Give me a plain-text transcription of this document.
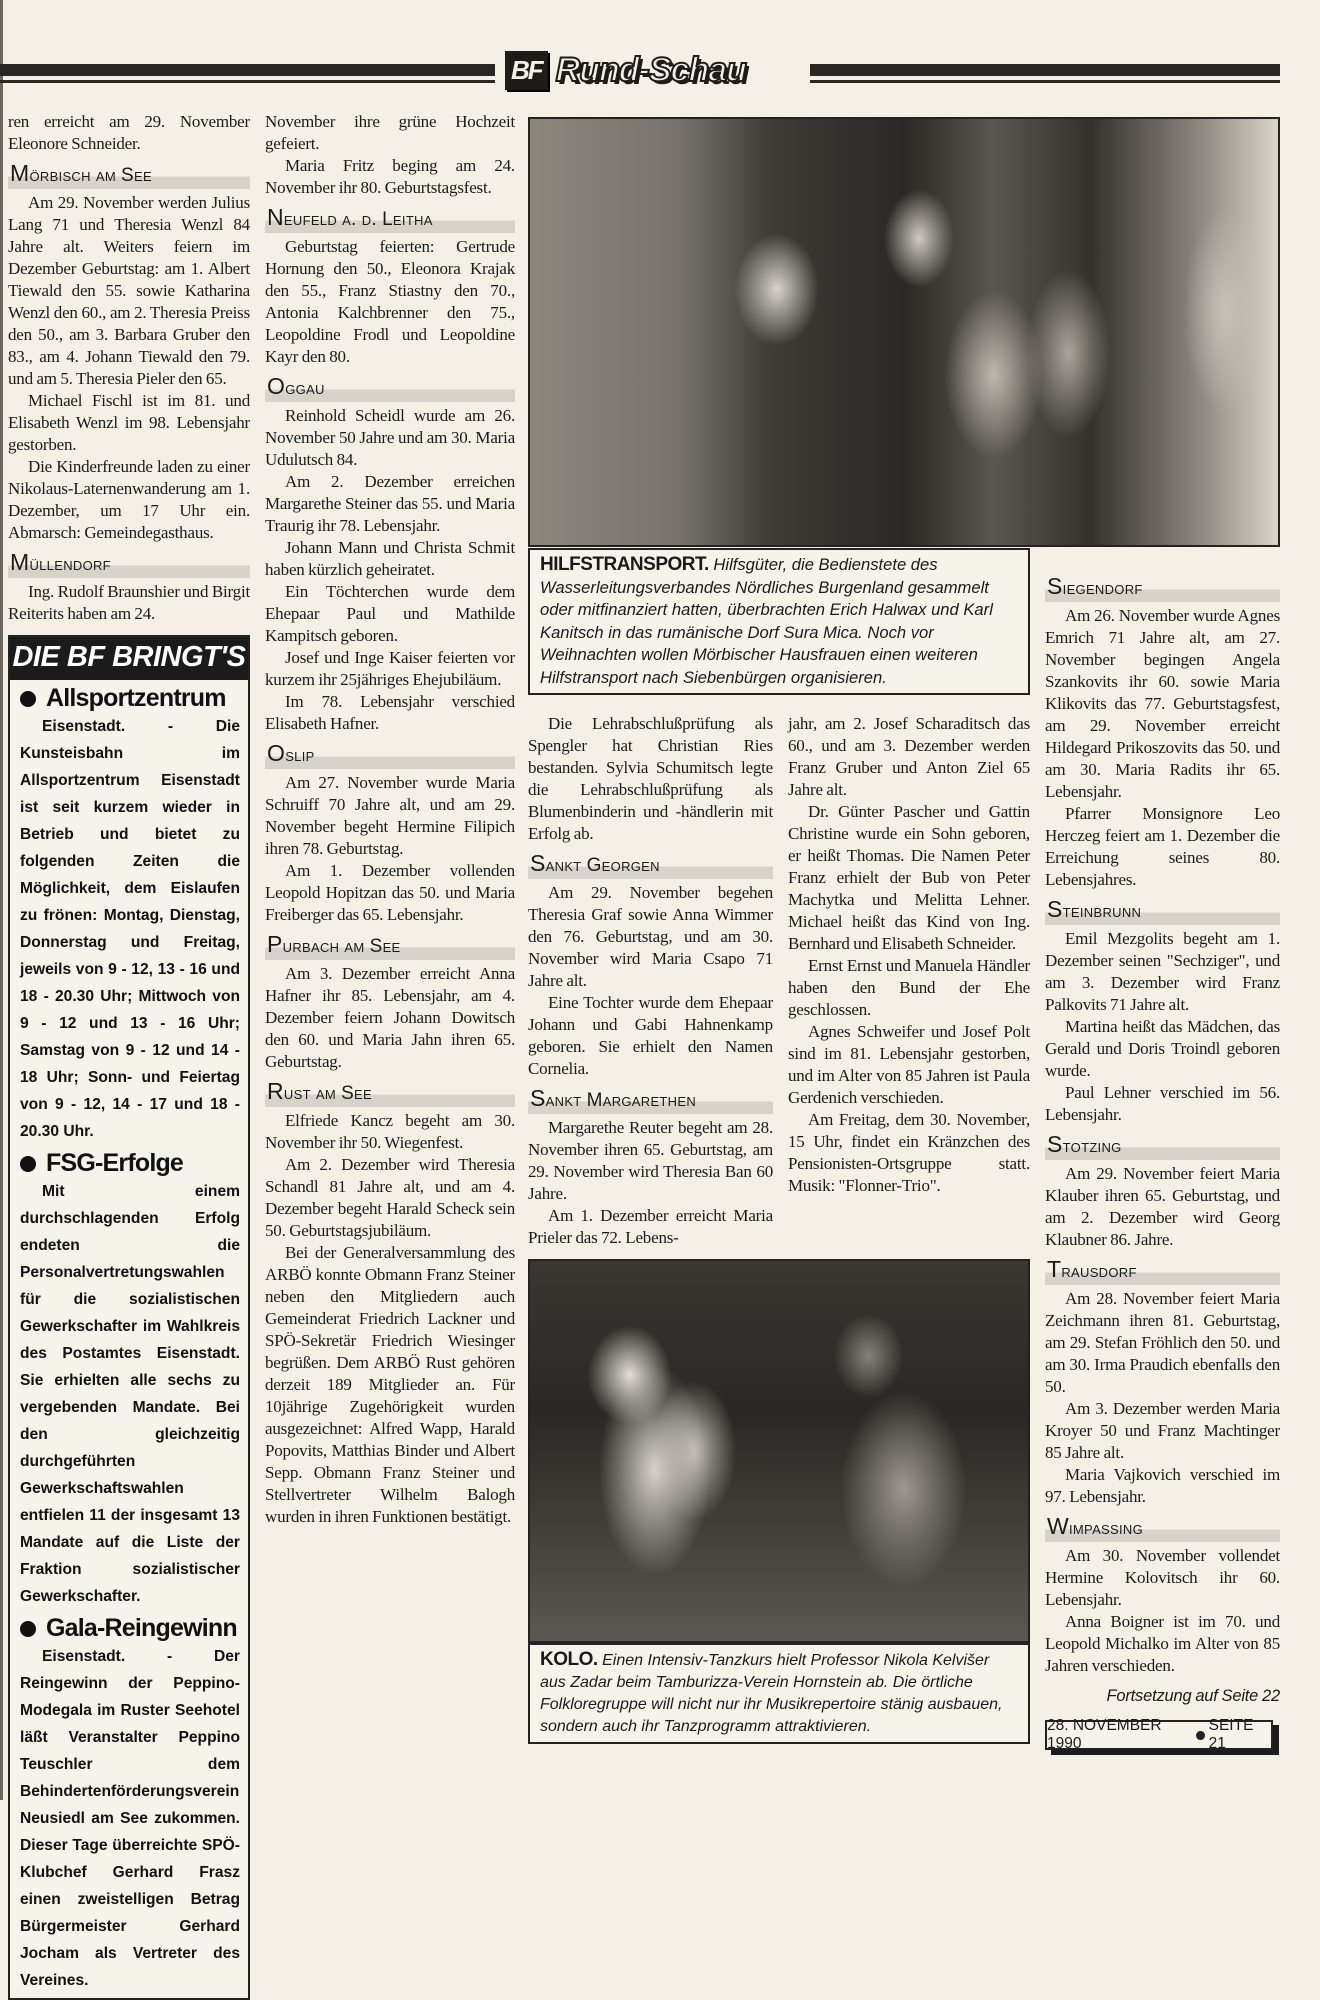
BF Rund-Schau

ren erreicht am 29. November Eleonore Schneider.

Mörbisch am See

Am 29. November werden Julius Lang 71 und Theresia Wenzl 84 Jahre alt. Weiters feiern im Dezember Geburtstag: am 1. Albert Tiewald den 55. sowie Katharina Wenzl den 60., am 2. Theresia Preiss den 50., am 3. Barbara Gruber den 83., am 4. Johann Tiewald den 79. und am 5. Theresia Pieler den 65.

Michael Fischl ist im 81. und Elisabeth Wenzl im 98. Lebensjahr gestorben.

Die Kinderfreunde laden zu einer Nikolaus-Laternenwanderung am 1. Dezember, um 17 Uhr ein. Abmarsch: Gemeindegasthaus.

Müllendorf

Ing. Rudolf Braunshier und Birgit Reiterits haben am 24.

DIE BF BRINGT'S
Allsportzentrum

Eisenstadt. - Die Kunsteisbahn im Allsportzentrum Eisenstadt ist seit kurzem wieder in Betrieb und bietet zu folgenden Zeiten die Möglichkeit, dem Eislaufen zu frönen: Montag, Dienstag, Donnerstag und Freitag, jeweils von 9 - 12, 13 - 16 und 18 - 20.30 Uhr; Mittwoch von 9 - 12 und 13 - 16 Uhr; Samstag von 9 - 12 und 14 - 18 Uhr; Sonn- und Feiertag von 9 - 12, 14 - 17 und 18 - 20.30 Uhr.

FSG-Erfolge

Mit einem durchschlagenden Erfolg endeten die Personalvertretungswahlen für die sozialistischen Gewerkschafter im Wahlkreis des Postamtes Eisenstadt. Sie erhielten alle sechs zu vergebenden Mandate. Bei den gleichzeitig durchgeführten Gewerkschaftswahlen entfielen 11 der insgesamt 13 Mandate auf die Liste der Fraktion sozialistischer Gewerkschafter.

Gala-Reingewinn

Eisenstadt. - Der Reingewinn der Peppino-Modegala im Ruster Seehotel läßt Veranstalter Peppino Teuschler dem Behindertenförderungsverein Neusiedl am See zukommen. Dieser Tage überreichte SPÖ-Klubchef Gerhard Frasz einen zweistelligen Betrag Bürgermeister Gerhard Jocham als Vertreter des Vereines.

November ihre grüne Hochzeit gefeiert.

Maria Fritz beging am 24. November ihr 80. Geburtstagsfest.

Neufeld a. d. Leitha

Geburtstag feierten: Gertrude Hornung den 50., Eleonora Krajak den 55., Franz Stiastny den 70., Antonia Kalchbrenner den 75., Leopoldine Frodl und Leopoldine Kayr den 80.

Oggau

Reinhold Scheidl wurde am 26. November 50 Jahre und am 30. Maria Udulutsch 84.

Am 2. Dezember erreichen Margarethe Steiner das 55. und Maria Traurig ihr 78. Lebensjahr.

Johann Mann und Christa Schmit haben kürzlich geheiratet.

Ein Töchterchen wurde dem Ehepaar Paul und Mathilde Kampitsch geboren.

Josef und Inge Kaiser feierten vor kurzem ihr 25jähriges Ehejubiläum.

Im 78. Lebensjahr verschied Elisabeth Hafner.

Oslip

Am 27. November wurde Maria Schruiff 70 Jahre alt, und am 29. November begeht Hermine Filipich ihren 78. Geburtstag.

Am 1. Dezember vollenden Leopold Hopitzan das 50. und Maria Freiberger das 65. Lebensjahr.

Purbach am See

Am 3. Dezember erreicht Anna Hafner ihr 85. Lebensjahr, am 4. Dezember feiern Johann Dowitsch den 60. und Maria Jahn ihren 65. Geburtstag.

Rust am See

Elfriede Kancz begeht am 30. November ihr 50. Wiegenfest.

Am 2. Dezember wird Theresia Schandl 81 Jahre alt, und am 4. Dezember begeht Harald Scheck sein 50. Geburtstagsjubiläum.

Bei der Generalversammlung des ARBÖ konnte Obmann Franz Steiner neben den Mitgliedern auch Gemeinderat Friedrich Lackner und SPÖ-Sekretär Friedrich Wiesinger begrüßen. Dem ARBÖ Rust gehören derzeit 189 Mitglieder an. Für 10jährige Zugehörigkeit wurden ausgezeichnet: Alfred Wapp, Harald Popovits, Matthias Binder und Albert Sepp. Obmann Franz Steiner und Stellvertreter Wilhelm Balogh wurden in ihren Funktionen bestätigt.

HILFSTRANSPORT. Hilfsgüter, die Bedienstete des Wasserleitungsverbandes Nördliches Burgenland gesammelt oder mitfinanziert hatten, überbrachten Erich Halwax und Karl Kanitsch in das rumänische Dorf Sura Mica. Noch vor Weihnachten wollen Mörbischer Hausfrauen einen weiteren Hilfstransport nach Siebenbürgen organisieren.

Die Lehrabschlußprüfung als Spengler hat Christian Ries bestanden. Sylvia Schumitsch legte die Lehrabschlußprüfung als Blumenbinderin und -händlerin mit Erfolg ab.

Sankt Georgen

Am 29. November begehen Theresia Graf sowie Anna Wimmer den 76. Geburtstag, und am 30. November wird Maria Csapo 71 Jahre alt.

Eine Tochter wurde dem Ehepaar Johann und Gabi Hahnenkamp geboren. Sie erhielt den Namen Cornelia.

Sankt Margarethen

Margarethe Reuter begeht am 28. November ihren 65. Geburtstag, am 29. November wird Theresia Ban 60 Jahre.

Am 1. Dezember erreicht Maria Prieler das 72. Lebens-

jahr, am 2. Josef Scharaditsch das 60., und am 3. Dezember werden Franz Gruber und Anton Ziel 65 Jahre alt.

Dr. Günter Pascher und Gattin Christine wurde ein Sohn geboren, er heißt Thomas. Die Namen Peter Franz erhielt der Bub von Peter Machytka und Melitta Lehner. Michael heißt das Kind von Ing. Bernhard und Elisabeth Schneider.

Ernst Ernst und Manuela Händler haben den Bund der Ehe geschlossen.

Agnes Schweifer und Josef Polt sind im 81. Lebensjahr gestorben, und im Alter von 85 Jahren ist Paula Gerdenich verschieden.

Am Freitag, dem 30. November, 15 Uhr, findet ein Kränzchen des Pensionisten-Ortsgruppe statt. Musik: "Flonner-Trio".

KOLO. Einen Intensiv-Tanzkurs hielt Professor Nikola Kelvišer aus Zadar beim Tamburizza-Verein Hornstein ab. Die örtliche Folkloregruppe will nicht nur ihr Musikrepertoire stänig ausbauen, sondern auch ihr Tanzprogramm attraktivieren.
Siegendorf

Am 26. November wurde Agnes Emrich 71 Jahre alt, am 27. November begingen Angela Szankovits ihr 60. sowie Maria Klikovits das 77. Geburtstagsfest, am 29. November erreicht Hildegard Prikoszovits das 50. und am 30. Maria Radits ihr 65. Lebensjahr.

Pfarrer Monsignore Leo Herczeg feiert am 1. Dezember die Erreichung seines 80. Lebensjahres.

Steinbrunn

Emil Mezgolits begeht am 1. Dezember seinen "Sechziger", und am 3. Dezember wird Franz Palkovits 71 Jahre alt.

Martina heißt das Mädchen, das Gerald und Doris Troindl geboren wurde.

Paul Lehner verschied im 56. Lebensjahr.

Stotzing

Am 29. November feiert Maria Klauber ihren 65. Geburtstag, und am 2. Dezember wird Georg Klaubner 86. Jahre.

Trausdorf

Am 28. November feiert Maria Zeichmann ihren 81. Geburtstag, am 29. Stefan Fröhlich den 50. und am 30. Irma Praudich ebenfalls den 50.

Am 3. Dezember werden Maria Kroyer 50 und Franz Machtinger 85 Jahre alt.

Maria Vajkovich verschied im 97. Lebensjahr.

Wimpassing

Am 30. November vollendet Hermine Kolovitsch ihr 60. Lebensjahr.

Anna Boigner ist im 70. und Leopold Michalko im Alter von 85 Jahren verschieden.

Fortsetzung auf Seite 22
28. NOVEMBER 1990
SEITE 21
